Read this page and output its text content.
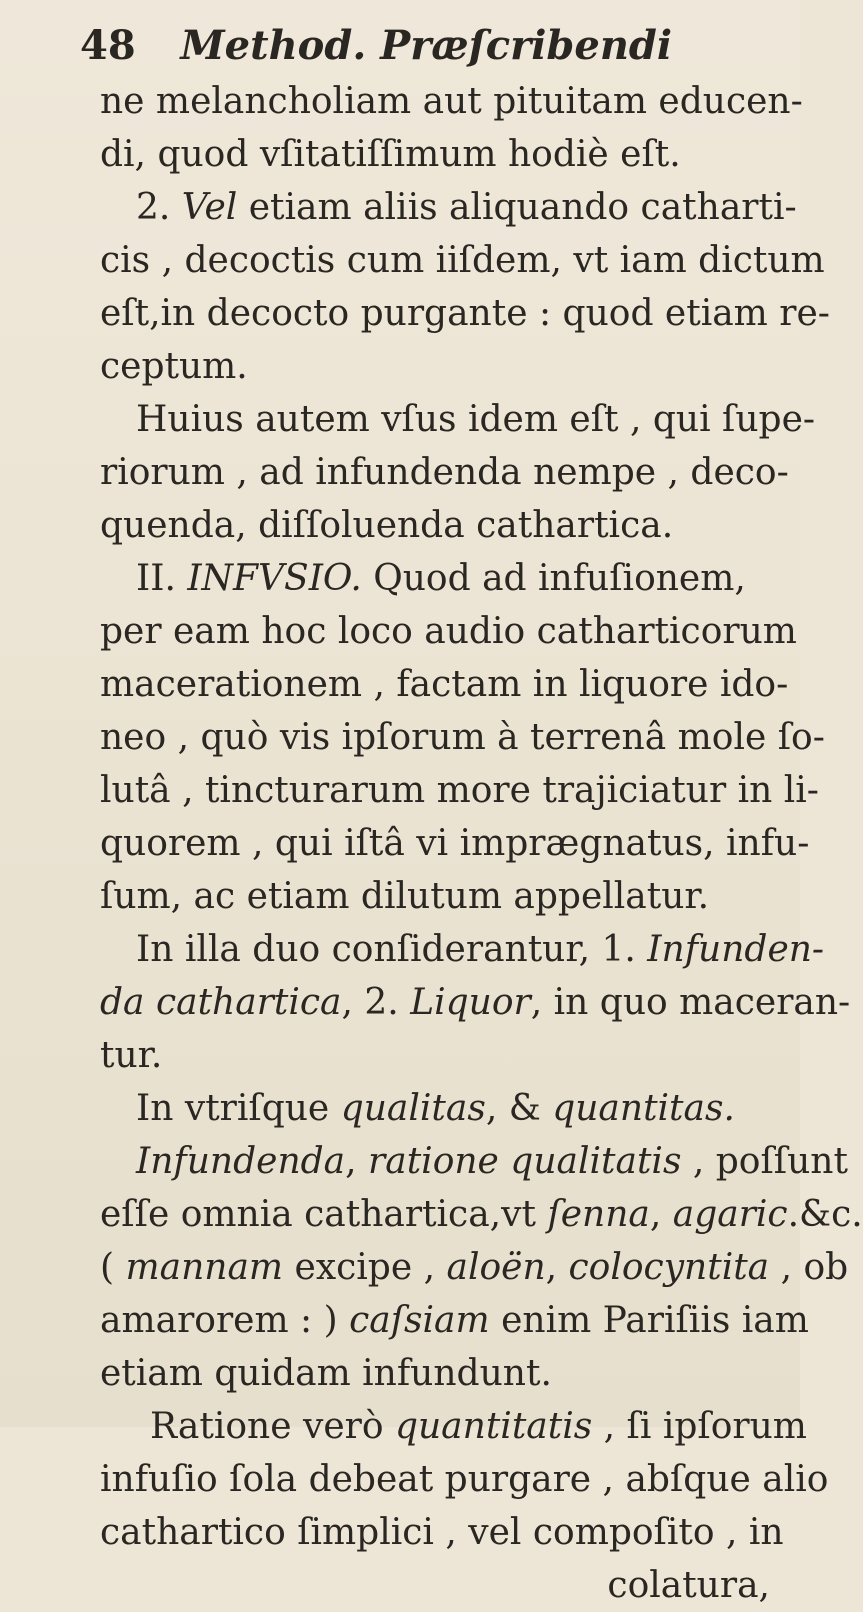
48 Method. Præſcribendi
ne melancholiam aut pituitam educen-
di, quod vſitatiſſimum hodiè eſt.
2. Vel etiam aliis aliquando catharti-
cis , decoctis cum iiſdem, vt iam dictum
eſt,in decocto purgante : quod etiam re-
ceptum.
Huius autem vſus idem eſt , qui ſupe-
riorum , ad infundenda nempe , deco-
quenda, diſſoluenda cathartica.
II. INFVSIO. Quod ad infuſionem,
per eam hoc loco audio catharticorum
macerationem , factam in liquore ido-
neo , quò vis ipſorum à terrenâ mole ſo-
lutâ , tincturarum more trajiciatur in li-
quorem , qui iſtâ vi imprægnatus, infu-
ſum, ac etiam dilutum appellatur.
In illa duo conſiderantur, 1. Infunden-
da cathartica, 2. Liquor, in quo maceran-
tur.
In vtriſque qualitas, & quantitas.
Infundenda, ratione qualitatis , poſſunt
eſſe omnia cathartica,vt ſenna, agaric.&c.
( mannam excipe , aloën, colocyntita , ob
amarorem : ) caſsiam enim Pariſiis iam
etiam quidam infundunt.
Ratione verò quantitatis , ſi ipſorum
infuſio ſola debeat purgare , abſque alio
cathartico ſimplici , vel compoſito , in
colatura,
